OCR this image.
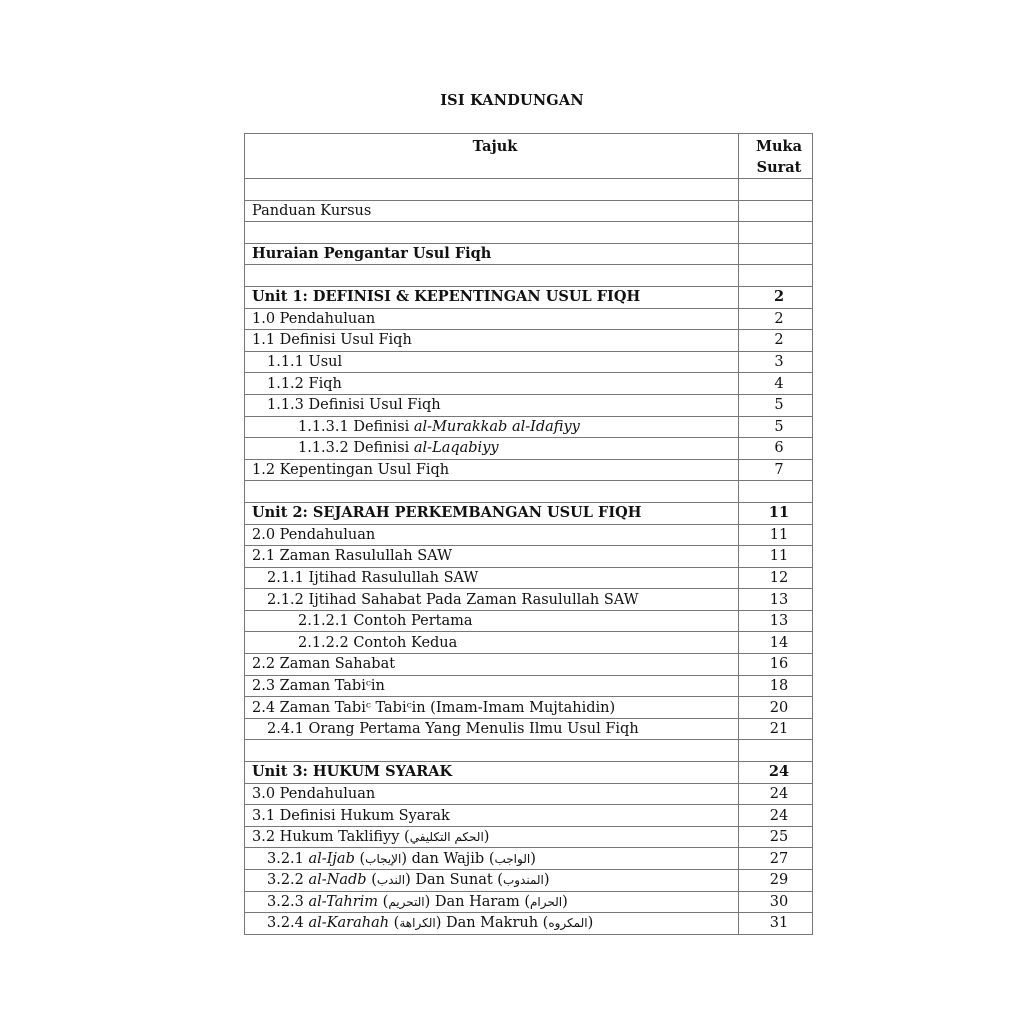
ISI KANDUNGAN
Tajuk	Muka
Surat

Panduan Kursus	

Huraian Pengantar Usul Fiqh	

Unit 1: DEFINISI & KEPENTINGAN USUL FIQH	2
1.0 Pendahuluan	2
1.1 Definisi Usul Fiqh	2
1.1.1 Usul	3
1.1.2 Fiqh	4
1.1.3 Definisi Usul Fiqh	5
1.1.3.1 Definisi al-Murakkab al-Idafiyy	5
1.1.3.2 Definisi al-Laqabiyy	6
1.2 Kepentingan Usul Fiqh	7

Unit 2: SEJARAH PERKEMBANGAN USUL FIQH	11
2.0 Pendahuluan	11
2.1 Zaman Rasulullah SAW	11
2.1.1 Ijtihad Rasulullah SAW	12
2.1.2 Ijtihad Sahabat Pada Zaman Rasulullah SAW	13
2.1.2.1 Contoh Pertama	13
2.1.2.2 Contoh Kedua	14
2.2 Zaman Sahabat	16
2.3 Zaman Tabiᶜin	18
2.4 Zaman Tabiᶜ Tabiᶜin (Imam-Imam Mujtahidin)	20
2.4.1 Orang Pertama Yang Menulis Ilmu Usul Fiqh	21

Unit 3: HUKUM SYARAK	24
3.0 Pendahuluan	24
3.1 Definisi Hukum Syarak	24
3.2 Hukum Taklifiyy (الحكم التكليفي)	25
3.2.1 al-Ijab (الإيجاب) dan Wajib (الواجب)	27
3.2.2 al-Nadb (الندب) Dan Sunat (المندوب)	29
3.2.3 al-Tahrim (التحريم) Dan Haram (الحرام)	30
3.2.4 al-Karahah (الكراهة) Dan Makruh (المكروه)	31
